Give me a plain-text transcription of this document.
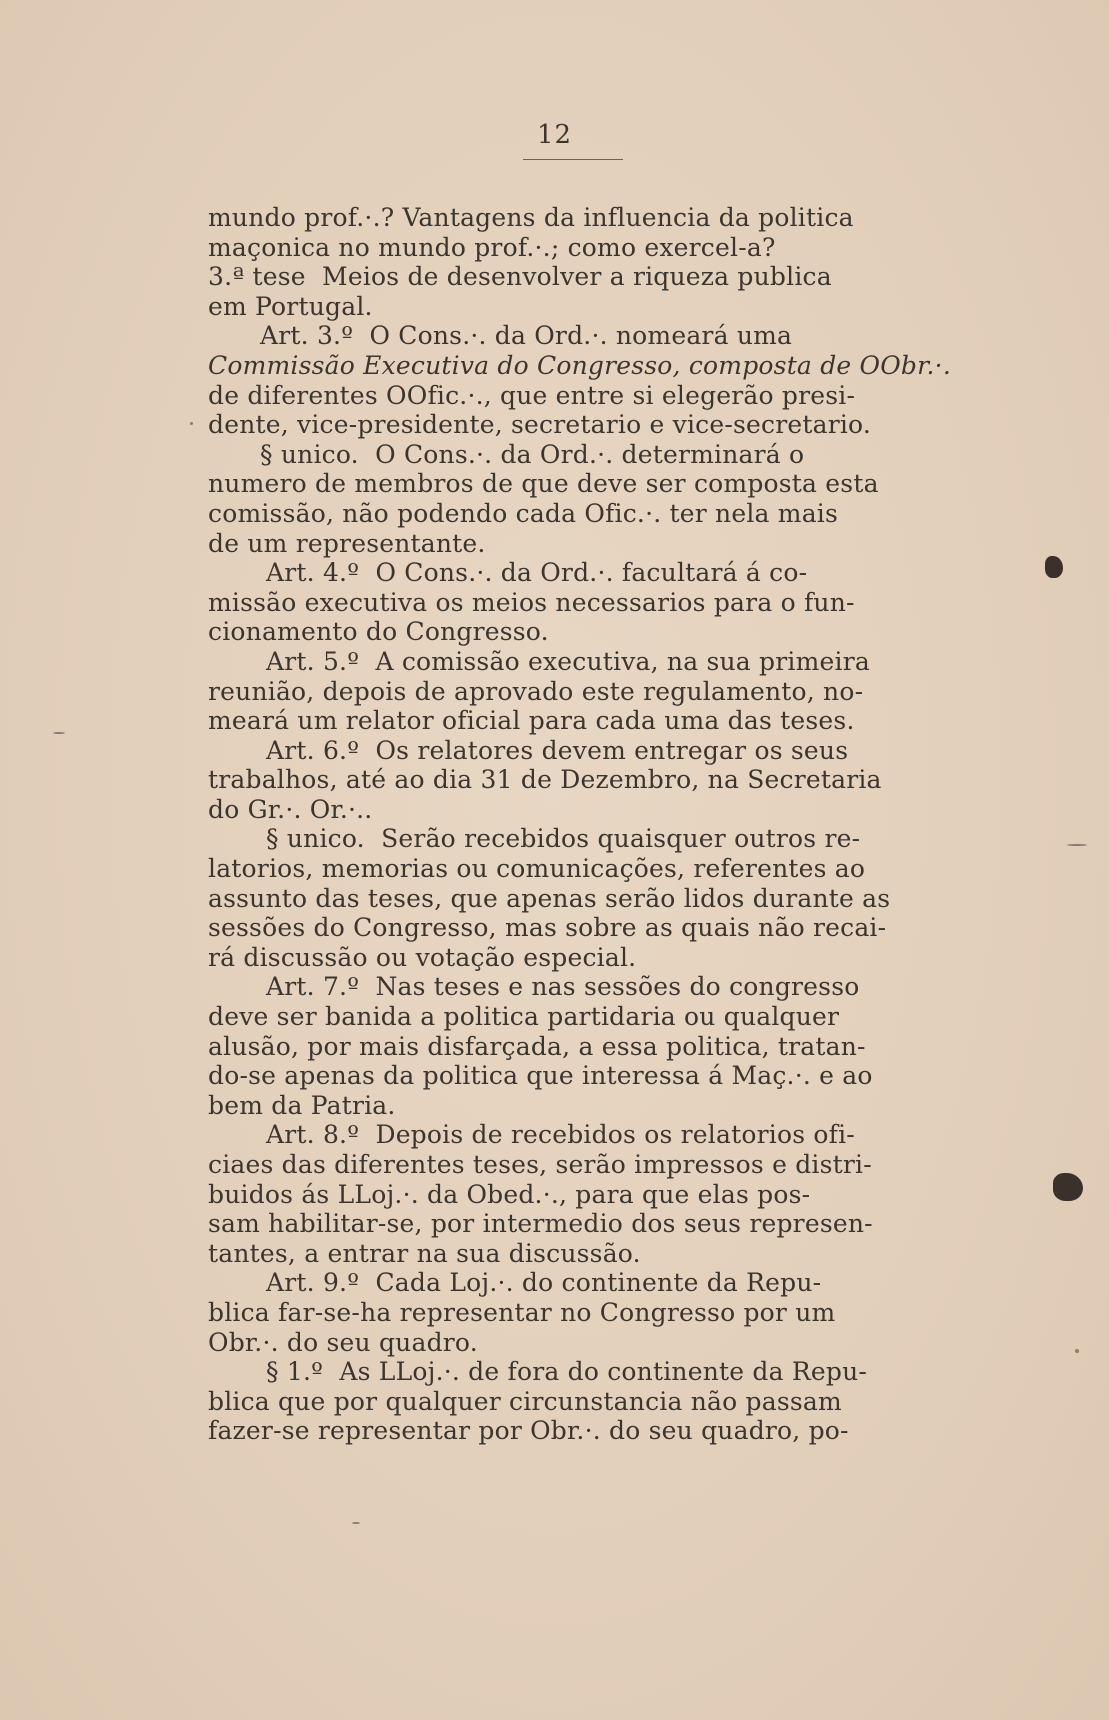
12
mundo prof.·.? Vantagens da influencia da politica
maçonica no mundo prof.·.; como exercel-a?
3.ª tese  Meios de desenvolver a riqueza publica
em Portugal.
Art. 3.º  O Cons.·. da Ord.·. nomeará uma
Commissão Executiva do Congresso, composta de OObr.·.
de diferentes OOfic.·., que entre si elegerão presi-
dente, vice-presidente, secretario e vice-secretario.
§ unico.  O Cons.·. da Ord.·. determinará o
numero de membros de que deve ser composta esta
comissão, não podendo cada Ofic.·. ter nela mais
de um representante.
Art. 4.º  O Cons.·. da Ord.·. facultará á co-
missão executiva os meios necessarios para o fun-
cionamento do Congresso.
Art. 5.º  A comissão executiva, na sua primeira
reunião, depois de aprovado este regulamento, no-
meará um relator oficial para cada uma das teses.
Art. 6.º  Os relatores devem entregar os seus
trabalhos, até ao dia 31 de Dezembro, na Secretaria
do Gr.·. Or.·..
§ unico.  Serão recebidos quaisquer outros re-
latorios, memorias ou comunicações, referentes ao
assunto das teses, que apenas serão lidos durante as
sessões do Congresso, mas sobre as quais não recai-
rá discussão ou votação especial.
Art. 7.º  Nas teses e nas sessões do congresso
deve ser banida a politica partidaria ou qualquer
alusão, por mais disfarçada, a essa politica, tratan-
do-se apenas da politica que interessa á Maç.·. e ao
bem da Patria.
Art. 8.º  Depois de recebidos os relatorios ofi-
ciaes das diferentes teses, serão impressos e distri-
buidos ás LLoj.·. da Obed.·., para que elas pos-
sam habilitar-se, por intermedio dos seus represen-
tantes, a entrar na sua discussão.
Art. 9.º  Cada Loj.·. do continente da Repu-
blica far-se-ha representar no Congresso por um
Obr.·. do seu quadro.
§ 1.º  As LLoj.·. de fora do continente da Repu-
blica que por qualquer circunstancia não passam
fazer-se representar por Obr.·. do seu quadro, po-
